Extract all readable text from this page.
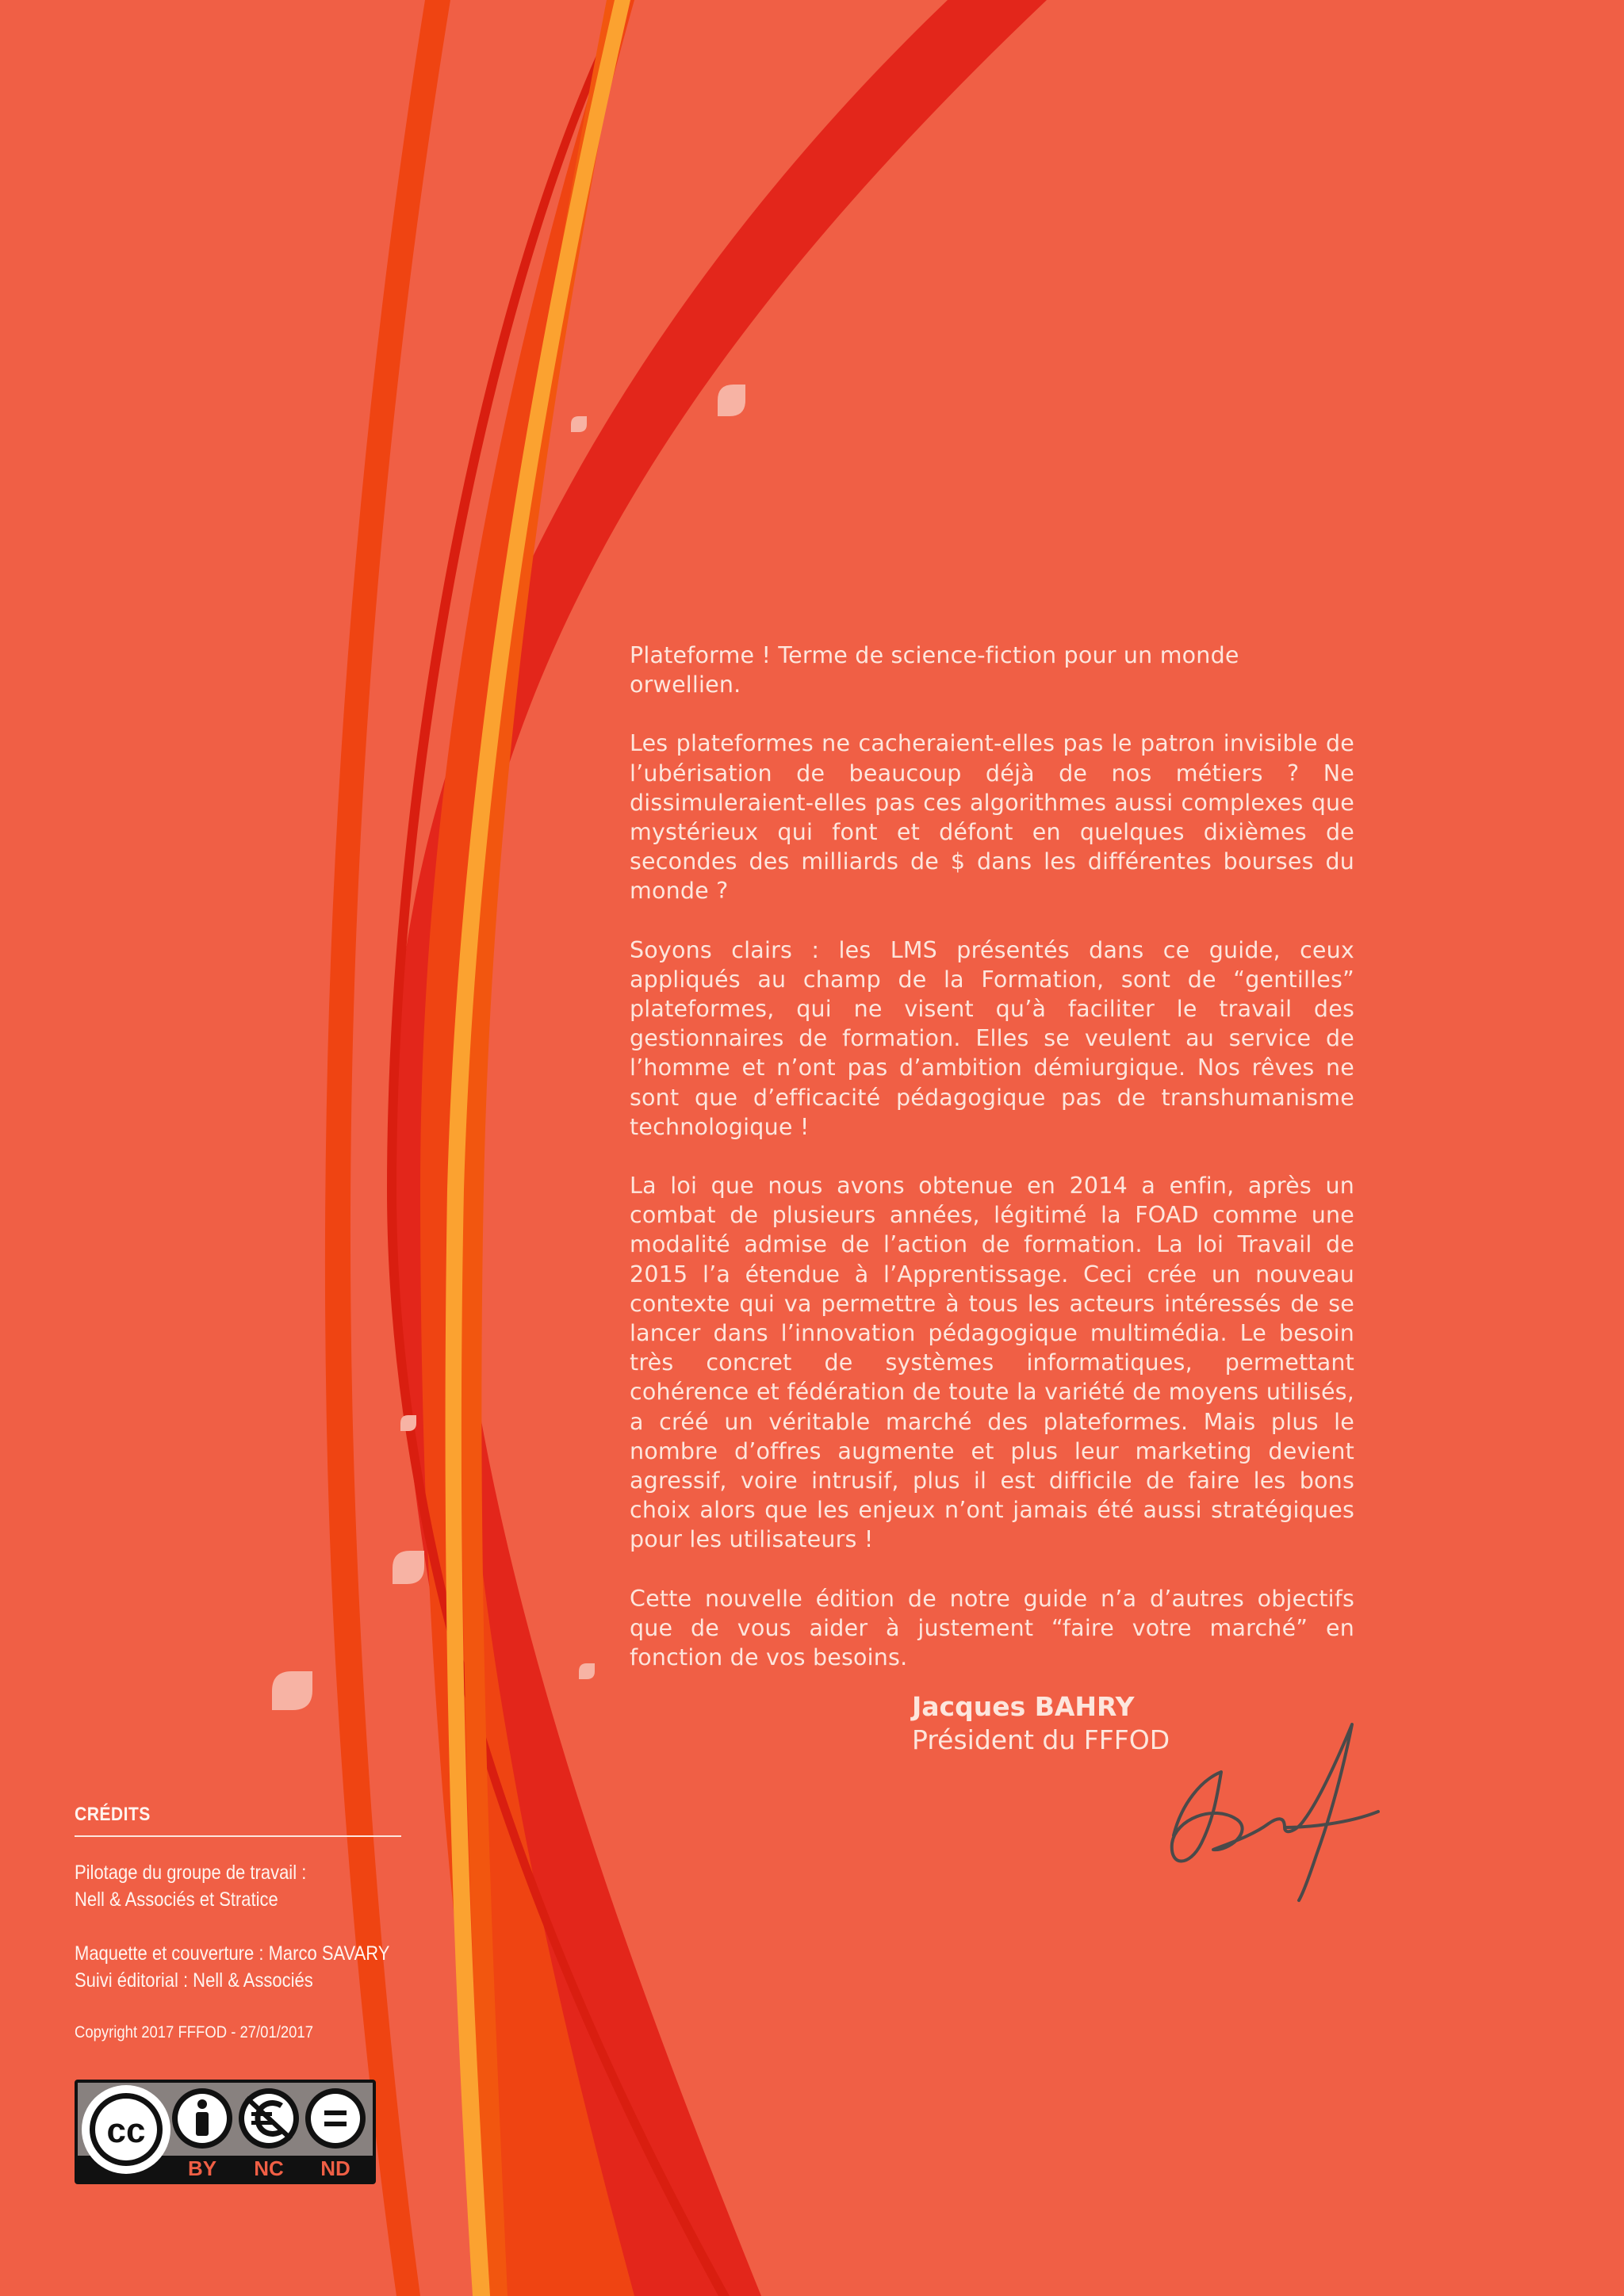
Plateforme ! Terme de science-fiction pour un monde orwellien.

Les plateformes ne cacheraient-elles pas le patron invisible de l’ubérisation de beaucoup déjà de nos métiers ? Ne dissimuleraient-elles pas ces algorithmes aussi complexes que mystérieux qui font et défont en quelques dixièmes de secondes des milliards de $ dans les différentes bourses du monde ?

Soyons clairs : les LMS présentés dans ce guide, ceux appliqués au champ de la Formation, sont de “gentilles” plateformes, qui ne visent qu’à faciliter le travail des gestionnaires de formation. Elles se veulent au service de l’homme et n’ont pas d’ambition démiurgique. Nos rêves ne sont que d’efficacité pédagogique pas de transhumanisme technologique !

La loi que nous avons obtenue en 2014 a enfin, après un combat de plusieurs années, légitimé la FOAD comme une modalité admise de l’action de formation. La loi Travail de 2015 l’a étendue à l’Apprentissage. Ceci crée un nouveau contexte qui va permettre à tous les acteurs intéressés de se lancer dans l’innovation pédagogique multimédia. Le besoin très concret de systèmes informatiques, permettant cohérence et fédération de toute la variété de moyens utilisés, a créé un véritable marché des plateformes. Mais plus le nombre d’offres augmente et plus leur marketing devient agressif, voire intrusif, plus il est difficile de faire les bons choix alors que les enjeux n’ont jamais été aussi stratégiques pour les utilisateurs !

Cette nouvelle édition de notre guide n’a d’autres objectifs que de vous aider à justement “faire votre marché” en fonction de vos besoins.

Jacques BAHRY
Président du FFFOD
CRÉDITS
Pilotage du groupe de travail :
Nell & Associés et Stratice
Maquette et couverture : Marco SAVARY
Suivi éditorial : Nell & Associés
Copyright 2017 FFFOD - 27/01/2017
cc
BY NC ND
